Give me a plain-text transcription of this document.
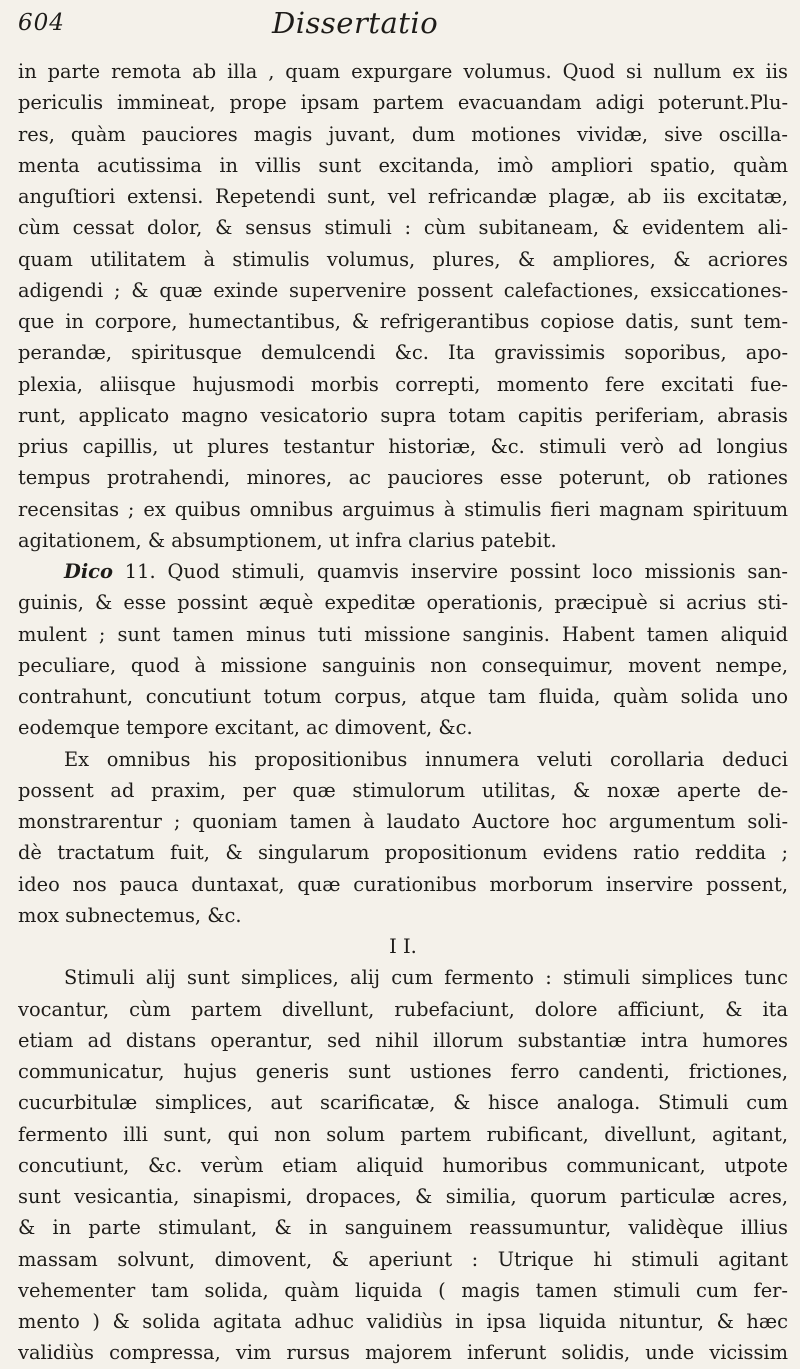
604	Dissertatio
in parte remota ab illa , quam expurgare volumus. Quod si nullum ex iis
periculis immineat, prope ipsam partem evacuandam adigi poterunt.Plu-
res, quàm pauciores magis juvant, dum motiones vividæ, sive oscilla-
menta acutissima in villis sunt excitanda, imò ampliori spatio, quàm
anguſtiori extensi. Repetendi sunt, vel refricandæ plagæ, ab iis excitatæ,
cùm cessat dolor, & sensus stimuli : cùm subitaneam, & evidentem ali-
quam utilitatem à stimulis volumus, plures, & ampliores, & acriores
adigendi ; & quæ exinde supervenire possent calefactiones, exsiccationes-
que in corpore, humectantibus, & refrigerantibus copiose datis, sunt tem-
perandæ, spiritusque demulcendi &c. Ita gravissimis soporibus, apo-
plexia, aliisque hujusmodi morbis correpti, momento fere excitati fue-
runt, applicato magno vesicatorio supra totam capitis periferiam, abrasis
prius capillis, ut plures testantur historiæ, &c. stimuli verò ad longius
tempus protrahendi, minores, ac pauciores esse poterunt, ob rationes
recensitas ; ex quibus omnibus arguimus à stimulis fieri magnam spirituum
agitationem, & absumptionem, ut infra clarius patebit.
Dico 11. Quod stimuli, quamvis inservire possint loco missionis san-
guinis, & esse possint æquè expeditæ operationis, præcipuè si acrius sti-
mulent ; sunt tamen minus tuti missione sanginis. Habent tamen aliquid
peculiare, quod à missione sanguinis non consequimur, movent nempe,
contrahunt, concutiunt totum corpus, atque tam fluida, quàm solida uno
eodemque tempore excitant, ac dimovent, &c.
Ex omnibus his propositionibus innumera veluti corollaria deduci
possent ad praxim, per quæ stimulorum utilitas, & noxæ aperte de-
monstrarentur ; quoniam tamen à laudato Auctore hoc argumentum soli-
dè tractatum fuit, & singularum propositionum evidens ratio reddita ;
ideo nos pauca duntaxat, quæ curationibus morborum inservire possent,
mox subnectemus, &c.
I I.
Stimuli alij sunt simplices, alij cum fermento : stimuli simplices tunc
vocantur, cùm partem divellunt, rubefaciunt, dolore afficiunt, & ita
etiam ad distans operantur, sed nihil illorum substantiæ intra humores
communicatur, hujus generis sunt ustiones ferro candenti, frictiones,
cucurbitulæ simplices, aut scarificatæ, & hisce analoga. Stimuli cum
fermento illi sunt, qui non solum partem rubificant, divellunt, agitant,
concutiunt, &c. verùm etiam aliquid humoribus communicant, utpote
sunt vesicantia, sinapismi, dropaces, & similia, quorum particulæ acres,
& in parte stimulant, & in sanguinem reassumuntur, validèque illius
massam solvunt, dimovent, & aperiunt : Utrique hi stimuli agitant
vehementer tam solida, quàm liquida ( magis tamen stimuli cum fer-
mento ) & solida agitata adhuc validiùs in ipsa liquida nituntur, & hæc
validiùs compressa, vim rursus majorem inferunt solidis, unde vicissim
